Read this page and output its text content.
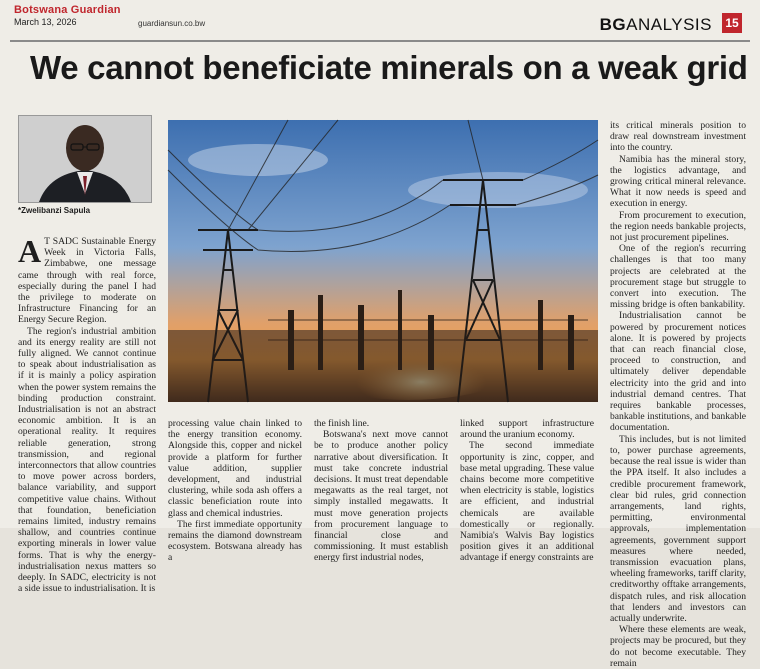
Botswana Guardian
March 13, 2026	guardiansun.co.bw	BGANALYSIS 15
We cannot beneficiate minerals on a weak grid
*Zwelibanzi Sapula

A T SADC Sustainable Energy Week in Victoria Falls, Zimbabwe, one message came through with real force, especially during the panel I had the privilege to moderate on Infrastructure Financing for an Energy Secure Region.

The region's industrial ambition and its energy reality are still not fully aligned. We cannot continue to speak about industrialisation as if it is mainly a policy aspiration when the power system remains the binding production constraint. Industrialisation is not an abstract economic ambition. It is an operational reality. It requires reliable generation, strong transmission, and regional interconnectors that allow countries to move power across borders, balance variability, and support competitive value chains. Without that foundation, beneficiation remains limited, industry remains shallow, and countries continue exporting minerals in lower value forms. That is why the energy-industrialisation nexus matters so deeply. In SADC, electricity is not a side issue to industrialisation. It is

processing value chain linked to the energy transition economy. Alongside this, copper and nickel provide a platform for further value addition, supplier development, and industrial clustering, while soda ash offers a classic beneficiation route into glass and chemical industries.

The first immediate opportunity remains the diamond downstream ecosystem. Botswana already has a

the finish line.

Botswana's next move cannot be to produce another policy narrative about diversification. It must take concrete industrial decisions. It must treat dependable megawatts as the real target, not simply installed megawatts. It must move generation projects from procurement language to financial close and commissioning. It must establish energy first industrial nodes,

linked support infrastructure around the uranium economy.

The second immediate opportunity is zinc, copper, and base metal upgrading. These value chains become more competitive when electricity is stable, logistics are efficient, and industrial chemicals are available domestically or regionally. Namibia's Walvis Bay logistics position gives it an additional advantage if energy constraints are

its critical minerals position to draw real downstream investment into the country.

Namibia has the mineral story, the logistics advantage, and growing critical mineral relevance. What it now needs is speed and execution in energy.

From procurement to execution, the region needs bankable projects, not just procurement pipelines.

One of the region's recurring challenges is that too many projects are celebrated at the procurement stage but struggle to convert into execution. The missing bridge is often bankability.

Industrialisation cannot be powered by procurement notices alone. It is powered by projects that can reach financial close, proceed to construction, and ultimately deliver dependable electricity into the grid and into industrial demand centres. That requires bankable processes, bankable institutions, and bankable documentation.

This includes, but is not limited to, power purchase agreements, because the real issue is wider than the PPA itself. It also includes a credible procurement framework, clear bid rules, grid connection arrangements, land rights, permitting, environmental approvals, implementation agreements, government support measures where needed, transmission evacuation plans, wheeling frameworks, tariff clarity, creditworthy offtake arrangements, dispatch rules, and risk allocation that lenders and investors can actually underwrite.

Where these elements are weak, projects may be procured, but they do not become executable. They remain
